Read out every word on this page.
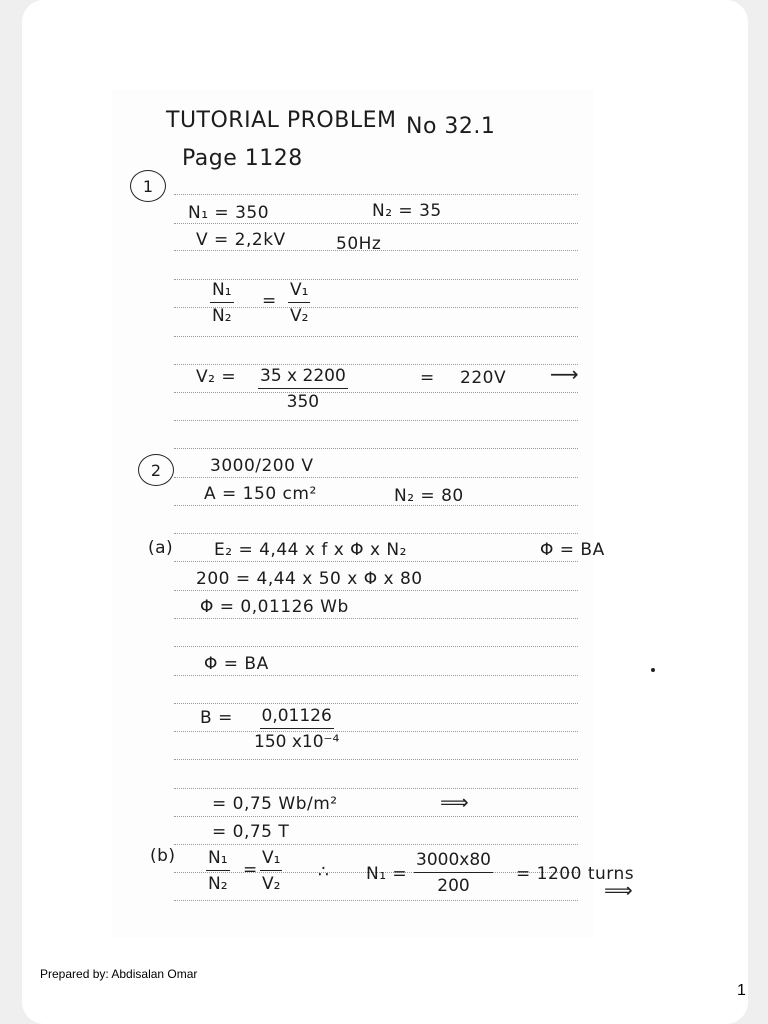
TUTORIAL PROBLEM No 32.1
Page 1128
1
N₁ = 350	N₂ = 35
V = 2,2kV	50Hz
$\frac{\text{N₁}}{\text{N₂}} = \frac{\text{V₁}}{\text{V₂}}$
$V_2 = \frac{35 x 2200}{350}$	= 220V ⟶
2	3000/200 V
A = 150 cm²	N₂ = 80
(a) E₂ = 4,44 x f x Φ x N₂	Φ = BA
200 = 4,44 x 50 x Φ x 80
Φ = 0,01126 Wb
Φ = BA
$B = \frac{0,01126}{\text{150 x10⁻⁴}}$
= 0,75 Wb/m²	⟹
= 0,75 T
$(b) \frac{\text{N₁}}{\text{N₂}} = \frac{\text{V₁}}{\text{V₂}}$ ∴ $N_1 = \frac{3000x80}{200} = 1200$ turns
⟹
Prepared by: Abdisalan Omar
1
